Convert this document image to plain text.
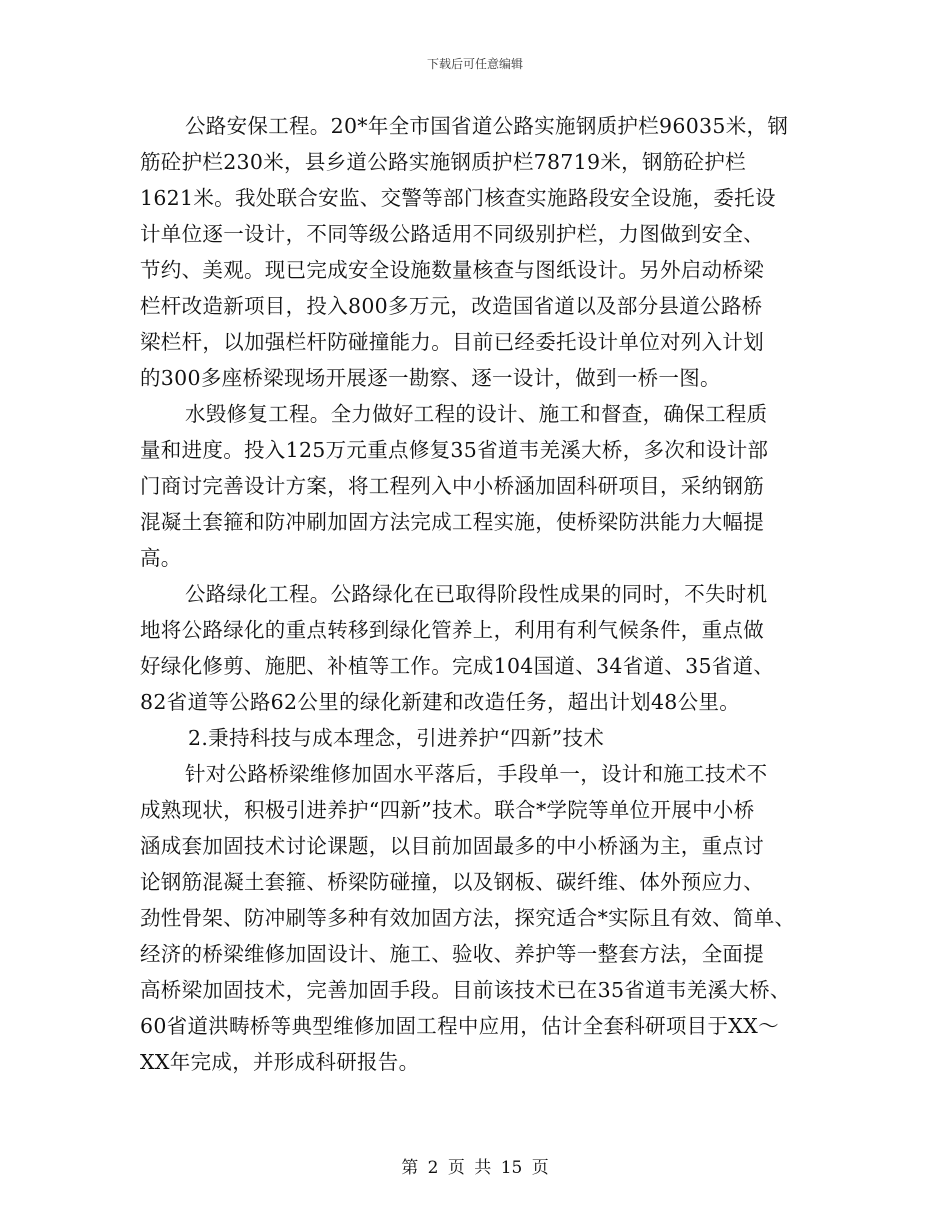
下载后可任意编辑
公路安保工程。20*年全市国省道公路实施钢质护栏96035米，钢
筋砼护栏230米，县乡道公路实施钢质护栏78719米，钢筋砼护栏
1621米。我处联合安监、交警等部门核查实施路段安全设施，委托设
计单位逐一设计，不同等级公路适用不同级别护栏，力图做到安全、
节约、美观。现已完成安全设施数量核查与图纸设计。另外启动桥梁
栏杆改造新项目，投入800多万元，改造国省道以及部分县道公路桥
梁栏杆，以加强栏杆防碰撞能力。目前已经委托设计单位对列入计划
的300多座桥梁现场开展逐一勘察、逐一设计，做到一桥一图。
水毁修复工程。全力做好工程的设计、施工和督查，确保工程质
量和进度。投入125万元重点修复35省道韦羌溪大桥，多次和设计部
门商讨完善设计方案，将工程列入中小桥涵加固科研项目，采纳钢筋
混凝土套箍和防冲刷加固方法完成工程实施，使桥梁防洪能力大幅提
高。
公路绿化工程。公路绿化在已取得阶段性成果的同时，不失时机
地将公路绿化的重点转移到绿化管养上，利用有利气候条件，重点做
好绿化修剪、施肥、补植等工作。完成104国道、34省道、35省道、
82省道等公路62公里的绿化新建和改造任务，超出计划48公里。
2.秉持科技与成本理念，引进养护“四新”技术
针对公路桥梁维修加固水平落后，手段单一，设计和施工技术不
成熟现状，积极引进养护“四新”技术。联合*学院等单位开展中小桥
涵成套加固技术讨论课题，以目前加固最多的中小桥涵为主，重点讨
论钢筋混凝土套箍、桥梁防碰撞，以及钢板、碳纤维、体外预应力、
劲性骨架、防冲刷等多种有效加固方法，探究适合*实际且有效、简单、
经济的桥梁维修加固设计、施工、验收、养护等一整套方法，全面提
高桥梁加固技术，完善加固手段。目前该技术已在35省道韦羌溪大桥、
60省道洪畴桥等典型维修加固工程中应用，估计全套科研项目于XX～
XX年完成，并形成科研报告。
第 2 页 共 15 页
